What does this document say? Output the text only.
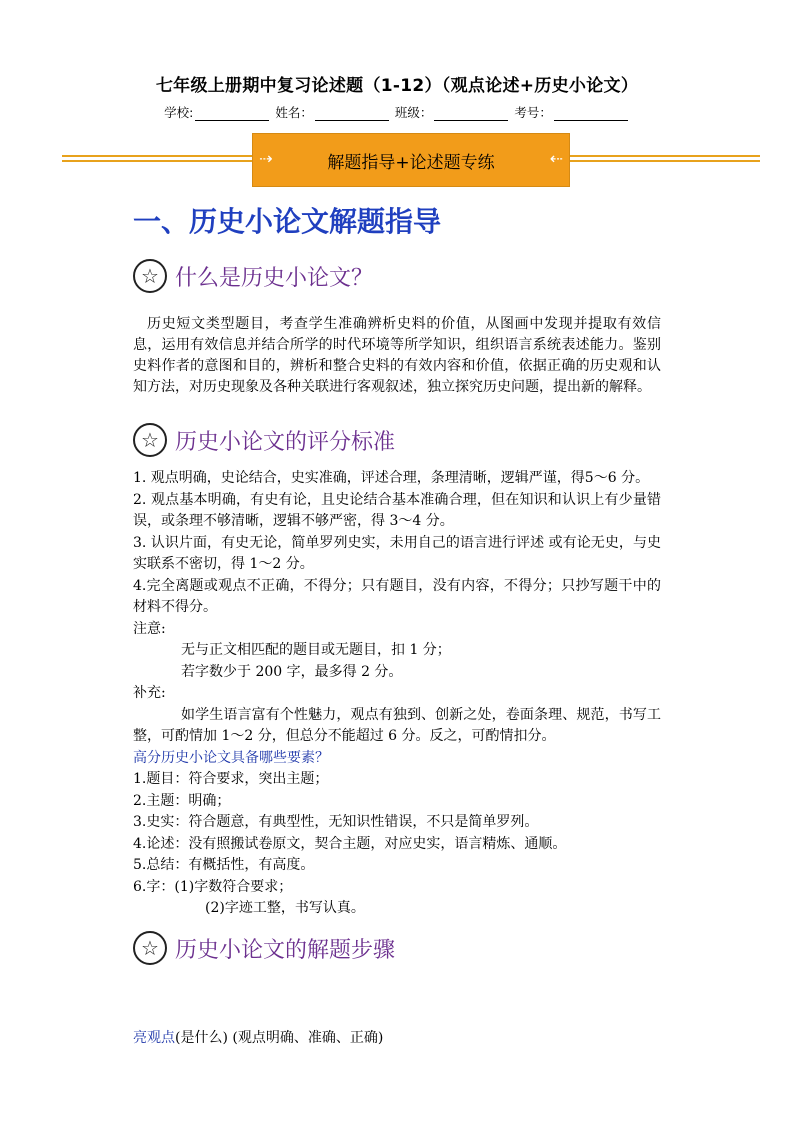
七年级上册期中复习论述题（1-12）（观点论述+历史小论文）
学校:	姓名：	班级：	考号：
⇢	解题指导+论述题专练	⇠
一、历史小论文解题指导
☆ 什么是历史小论文？
历史短文类型题目，考查学生准确辨析史料的价值，从图画中发现并提取有效信息，运用有效信息并结合所学的时代环境等所学知识，组织语言系统表述能力。鉴别史料作者的意图和目的，辨析和整合史料的有效内容和价值，依据正确的历史观和认知方法，对历史现象及各种关联进行客观叙述，独立探究历史问题，提出新的解释。
☆ 历史小论文的评分标准

1. 观点明确，史论结合，史实准确，评述合理，条理清晰，逻辑严谨，得5～6 分。

2. 观点基本明确，有史有论，且史论结合基本准确合理，但在知识和认识上有少量错误，或条理不够清晰，逻辑不够严密，得 3～4 分。

3. 认识片面，有史无论，简单罗列史实，未用自己的语言进行评述 或有论无史，与史实联系不密切，得 1～2 分。

4.完全离题或观点不正确，不得分；只有题目，没有内容，不得分；只抄写题干中的材料不得分。

注意:

无与正文相匹配的题目或无题目，扣 1 分；

若字数少于 200 字，最多得 2 分。

补充:

如学生语言富有个性魅力，观点有独到、创新之处，卷面条理、规范，书写工整，可酌情加 1～2 分，但总分不能超过 6 分。反之，可酌情扣分。

高分历史小论文具备哪些要素？

1.题目：符合要求，突出主题；

2.主题：明确；

3.史实：符合题意，有典型性，无知识性错误，不只是简单罗列。

4.论述：没有照搬试卷原文，契合主题，对应史实，语言精炼、通顺。

5.总结：有概括性，有高度。

6.字：(1)字数符合要求；

(2)字迹工整，书写认真。

☆ 历史小论文的解题步骤
亮观点(是什么) (观点明确、准确、正确)
